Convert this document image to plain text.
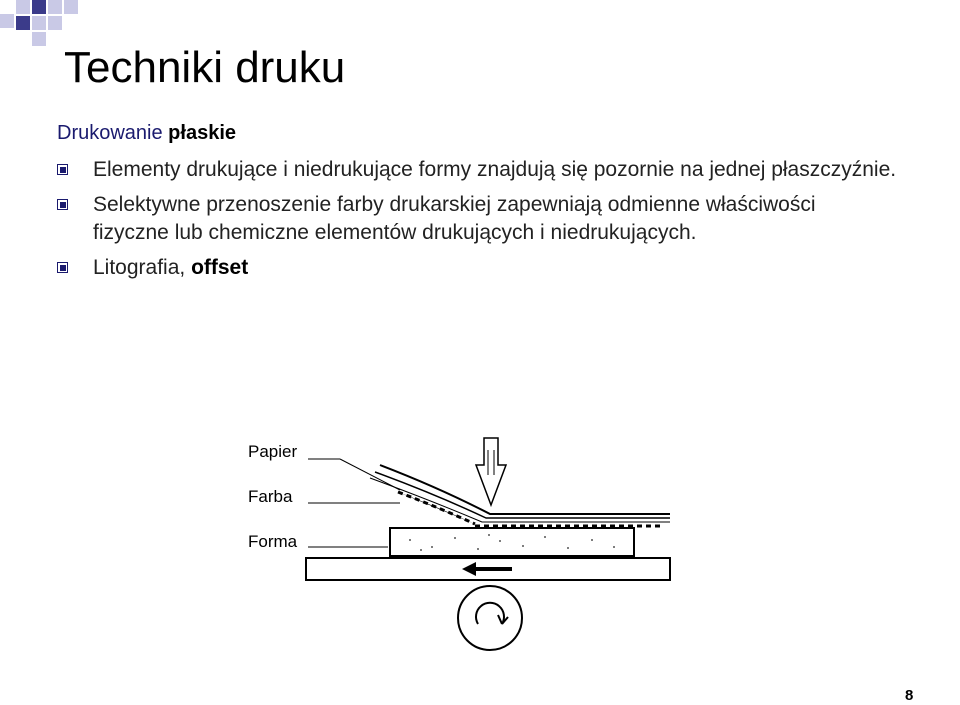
Techniki druku
Drukowanie płaskie
Elementy drukujące i niedrukujące formy znajdują się pozornie na jednej płaszczyźnie.
Selektywne przenoszenie farby drukarskiej zapewniają odmienne właściwości fizyczne lub chemiczne elementów drukujących i niedrukujących.
Litografia, offset
Papier
Farba
Forma
8
